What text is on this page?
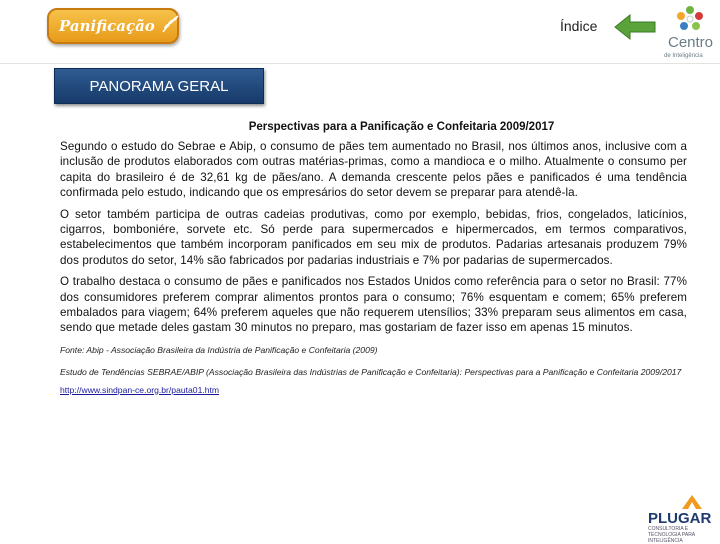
Panificação	Índice
Centro
de Inteligência
PANORAMA GERAL
Perspectivas para a Panificação e Confeitaria 2009/2017

Segundo o estudo do Sebrae e Abip, o consumo de pães tem aumentado no Brasil, nos últimos anos, inclusive com a inclusão de produtos elaborados com outras matérias-primas, como a mandioca e o milho. Atualmente o consumo per capita do brasileiro é de 32,61 kg de pães/ano. A demanda crescente pelos pães e panificados é uma tendência confirmada pelo estudo, indicando que os empresários do setor devem se preparar para atendê-la.

O setor também participa de outras cadeias produtivas, como por exemplo, bebidas, frios, congelados, laticínios, cigarros, bomboniére, sorvete etc. Só perde para supermercados e hipermercados, em termos comparativos, estabelecimentos que também incorporam panificados em seu mix de produtos. Padarias artesanais produzem 79% dos produtos do setor, 14% são fabricados por padarias industriais e 7% por padarias de supermercados.

O trabalho destaca o consumo de pães e panificados nos Estados Unidos como referência para o setor no Brasil: 77% dos consumidores preferem comprar alimentos prontos para o consumo; 76% esquentam e comem; 65% preferem embalados para viagem; 64% preferem aqueles que não requerem utensílios; 33% preparam seus alimentos em casa, sendo que metade deles gastam 30 minutos no preparo, mas gostariam de fazer isso em apenas 15 minutos.

Fonte: Abip - Associação Brasileira da Indústria de Panificação e Confeitaria (2009)

Estudo de Tendências SEBRAE/ABIP (Associação Brasileira das Indústrias de Panificação e Confeitaria): Perspectivas para a Panificação e Confeitaria 2009/2017

http://www.sindpan-ce.org.br/pauta01.htm
PLUGAR
CONSULTORIA E TECNOLOGIA PARA INTELIGÊNCIA
